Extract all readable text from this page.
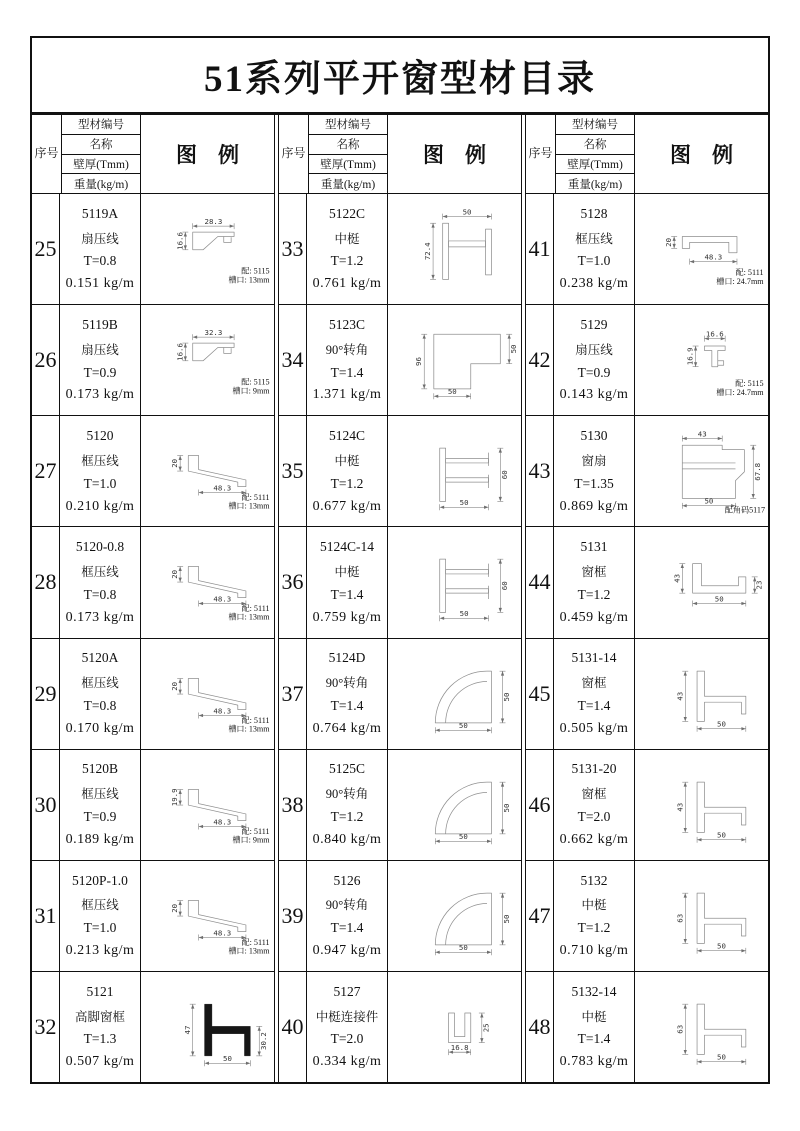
51系列平开窗型材目录
序号
型材编号
名称
壁厚(Tmm)
重量(kg/m)
图    例
25
5119A
扇压线
T=0.8
0.151 kg/m
28.3
16.6
配: 5115
槽口: 13mm
26
5119B
扇压线
T=0.9
0.173 kg/m
32.3
16.6
配: 5115
槽口: 9mm
27
5120
框压线
T=1.0
0.210 kg/m
20
48.3
配: 5111
槽口: 13mm
28
5120-0.8
框压线
T=0.8
0.173 kg/m
20
48.3
配: 5111
槽口: 13mm
29
5120A
框压线
T=0.8
0.170 kg/m
20
48.3
配: 5111
槽口: 13mm
30
5120B
框压线
T=0.9
0.189 kg/m
19.9
48.3
配: 5111
槽口: 9mm
31
5120P-1.0
框压线
T=1.0
0.213 kg/m
20
48.3
配: 5111
槽口: 13mm
32
5121
高脚窗框
T=1.3
0.507 kg/m
47
50
30.2
序号
型材编号
名称
壁厚(Tmm)
重量(kg/m)
图    例
33
5122C
中梃
T=1.2
0.761 kg/m
50
72.4
34
5123C
90°转角
T=1.4
1.371 kg/m
96
50
50
35
5124C
中梃
T=1.2
0.677 kg/m
60
50
36
5124C-14
中梃
T=1.4
0.759 kg/m
60
50
37
5124D
90°转角
T=1.4
0.764 kg/m
50
50
38
5125C
90°转角
T=1.2
0.840 kg/m
50
50
39
5126
90°转角
T=1.4
0.947 kg/m
50
50
40
5127
中梃连接件
T=2.0
0.334 kg/m
25
16.8
序号
型材编号
名称
壁厚(Tmm)
重量(kg/m)
图    例
41
5128
框压线
T=1.0
0.238 kg/m
20
48.3
配: 5111
槽口: 24.7mm
42
5129
扇压线
T=0.9
0.143 kg/m
16.6
16.9
配: 5115
槽口: 24.7mm
43
5130
窗扇
T=1.35
0.869 kg/m
43
67.8
50
配角码5117
44
5131
窗框
T=1.2
0.459 kg/m
43
23
50
45
5131-14
窗框
T=1.4
0.505 kg/m
43
50
46
5131-20
窗框
T=2.0
0.662 kg/m
43
50
47
5132
中梃
T=1.2
0.710 kg/m
63
50
48
5132-14
中梃
T=1.4
0.783 kg/m
63
50
